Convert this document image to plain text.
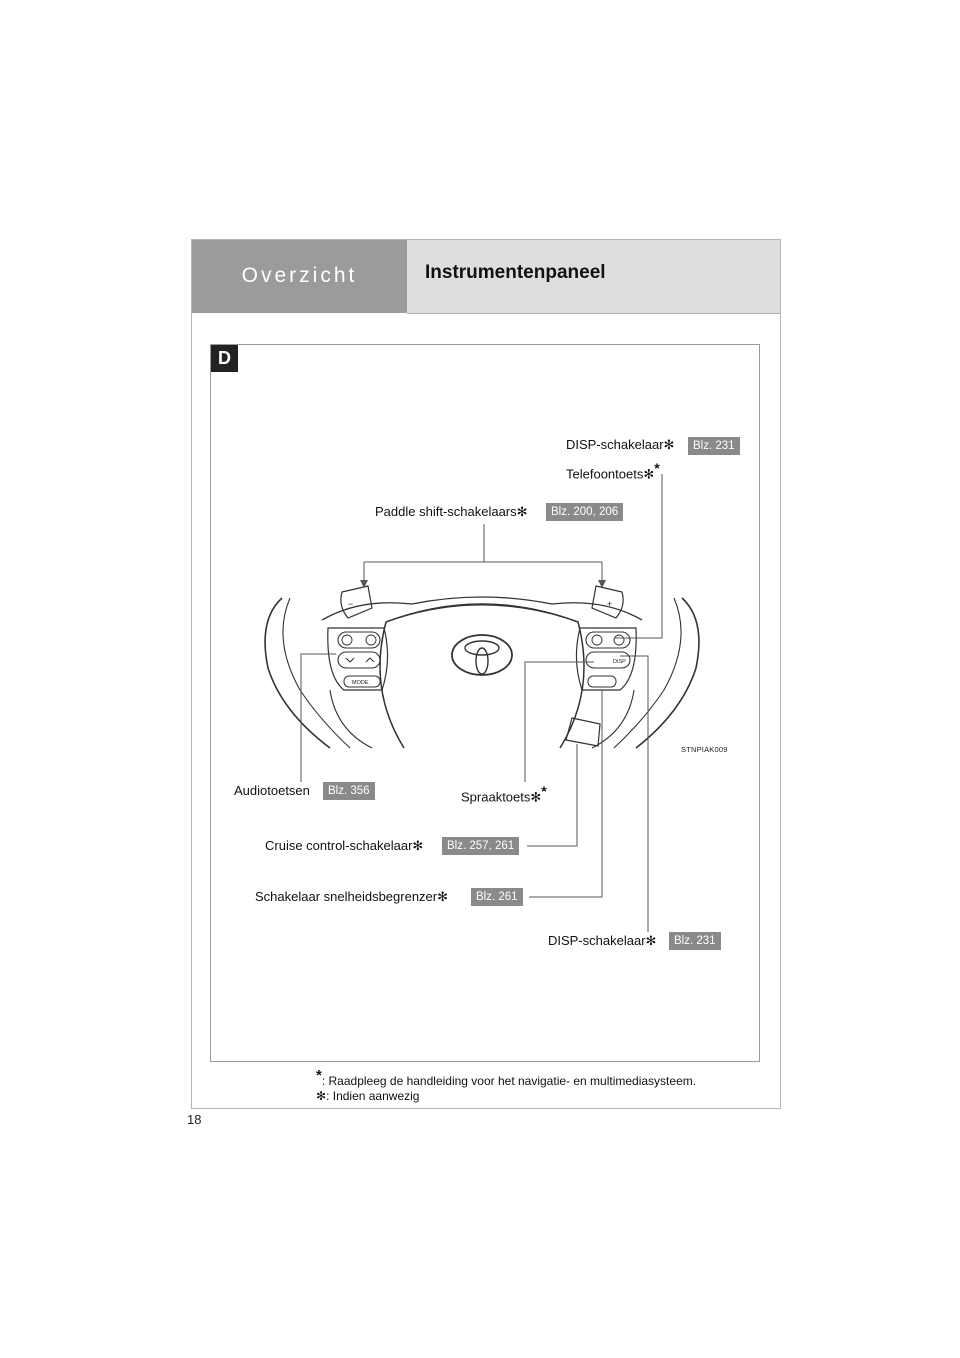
Overzicht	Instrumentenpaneel
D
−	+
MODE
DISP
DISP-schakelaar✻	Blz. 231
Telefoontoets✻*
Paddle shift-schakelaars✻	Blz. 200, 206
STNPIAK009
Audiotoetsen	Blz. 356	Spraaktoets✻*
Cruise control-schakelaar✻	Blz. 257, 261
Schakelaar snelheidsbegrenzer✻	Blz. 261
DISP-schakelaar✻	Blz. 231
*: Raadpleeg de handleiding voor het navigatie- en multimediasysteem.
✻: Indien aanwezig
18
